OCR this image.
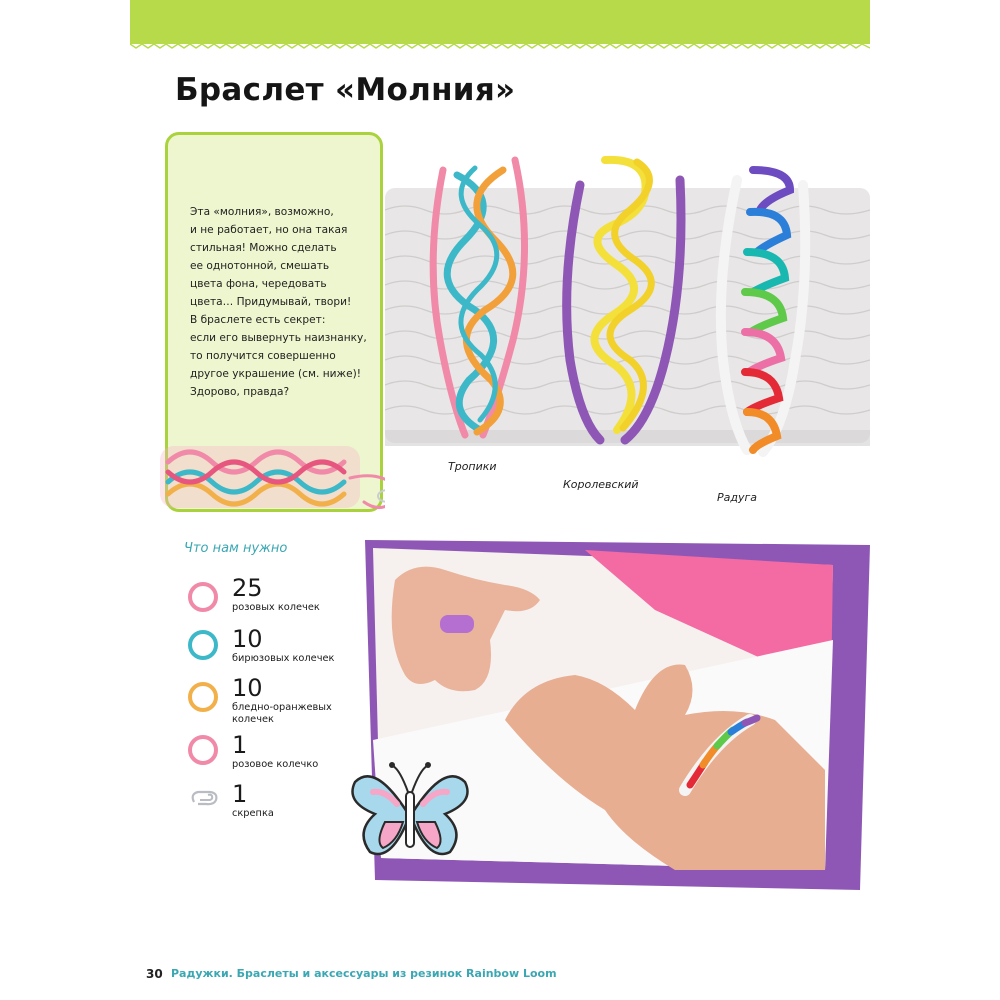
Браслет «Молния»
Эта «молния», возможно,
и не работает, но она такая
стильная! Можно сделать
ее однотонной, смешать
цвета фона, чередовать
цвета… Придумывай, твори!
В браслете есть секрет:
если его вывернуть наизнанку,
то получится совершенно
другое украшение (см. ниже)!
Здорово, правда?
Тропики
Королевский
Радуга
Что нам нужно
25
розовых колечек
10
бирюзовых колечек
10
бледно-оранжевых
колечек
1
розовое колечко
1
скрепка
30 Радужки. Браслеты и аксессуары из резинок Rainbow Loom
